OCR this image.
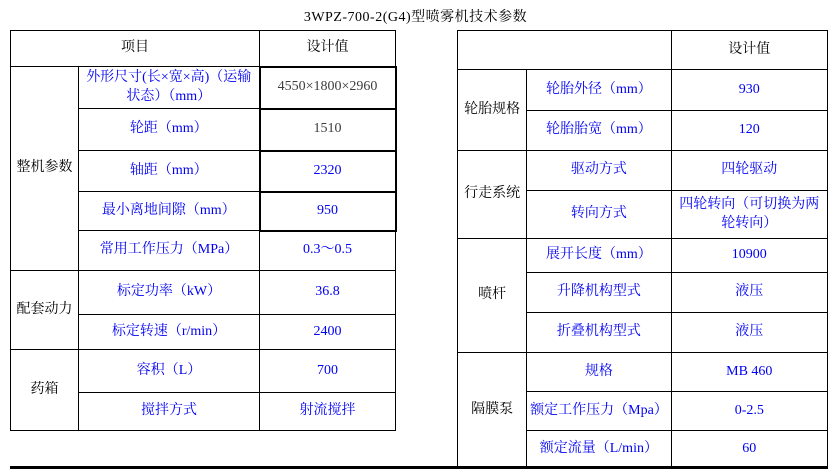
3WPZ-700-2(G4)型喷雾机技术参数
项目		设计值
整机参数	外形尺寸(长×宽×高)（运输状态）（mm）	4550×1800×2960
	轮距（mm）	1510
	轴距（mm）	2320
	最小离地间隙（mm）	950
	常用工作压力（MPa）	0.3～0.5
配套动力	标定功率（kW）	36.8
	标定转速（r/min）	2400
药箱	容积（L）	700
	搅拌方式	射流搅拌
		设计值
轮胎规格	轮胎外径（mm）	930
	轮胎胎宽（mm）	120
行走系统	驱动方式	四轮驱动
	转向方式	四轮转向（可切换为两轮转向）
喷杆	展开长度（mm）	10900
	升降机构型式	液压
	折叠机构型式	液压
隔膜泵	规格	MB 460
	额定工作压力（Mpa）	0-2.5
	额定流量（L/min）	60
